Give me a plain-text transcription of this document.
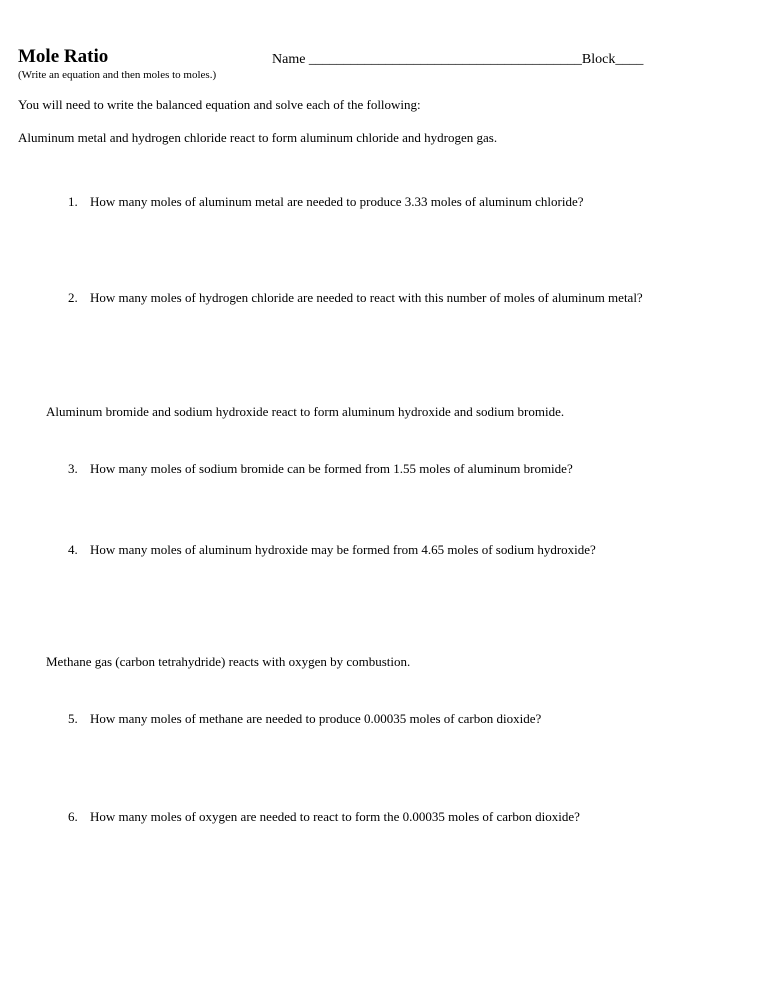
Mole Ratio	Name _______________________________________Block____
(Write an equation and then moles to moles.)
You will need to write the balanced equation and solve each of the following:
Aluminum metal and hydrogen chloride react to form aluminum chloride and hydrogen gas.
1. How many moles of aluminum metal are needed to produce 3.33 moles of aluminum chloride?
2. How many moles of hydrogen chloride are needed to react with this number of moles of aluminum metal?
Aluminum bromide and sodium hydroxide react to form aluminum hydroxide and sodium bromide.
3. How many moles of sodium bromide can be formed from 1.55 moles of aluminum bromide?
4. How many moles of aluminum hydroxide may be formed from 4.65 moles of sodium hydroxide?
Methane gas (carbon tetrahydride) reacts with oxygen by combustion.
5. How many moles of methane are needed to produce 0.00035 moles of carbon dioxide?
6. How many moles of oxygen are needed to react to form the 0.00035 moles of carbon dioxide?
